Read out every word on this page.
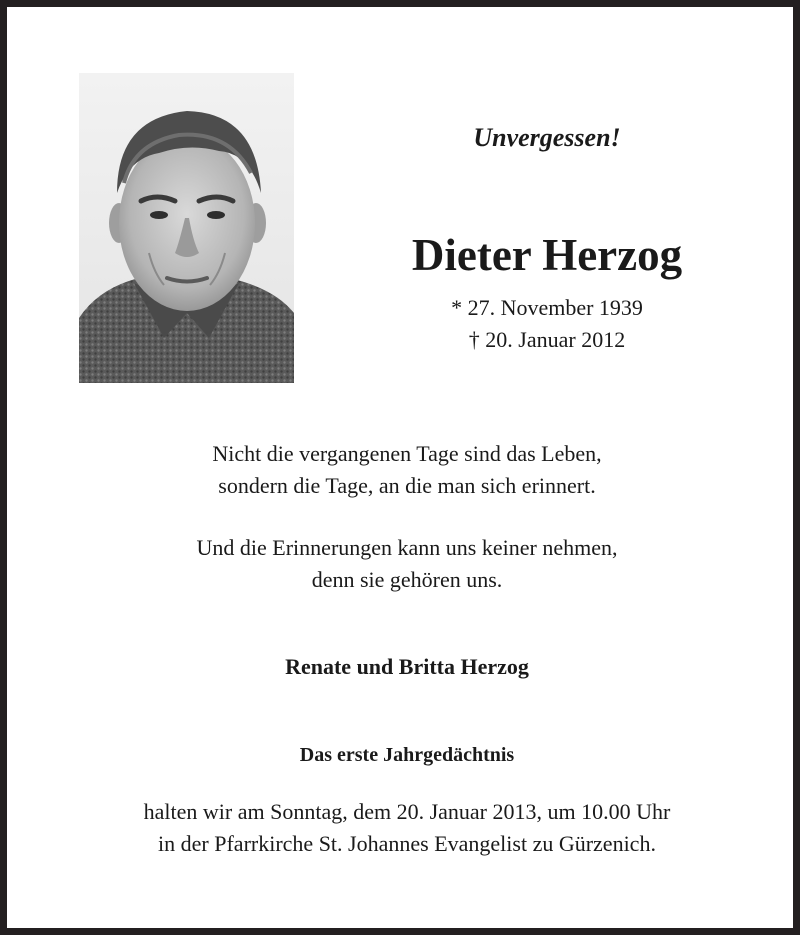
Unvergessen!
Dieter Herzog
* 27. November 1939
† 20. Januar 2012
Nicht die vergangenen Tage sind das Leben,
sondern die Tage, an die man sich erinnert.
Und die Erinnerungen kann uns keiner nehmen,
denn sie gehören uns.
Renate und Britta Herzog
Das erste Jahrgedächtnis
halten wir am Sonntag, dem 20. Januar 2013, um 10.00 Uhr
in der Pfarrkirche St. Johannes Evangelist zu Gürzenich.
